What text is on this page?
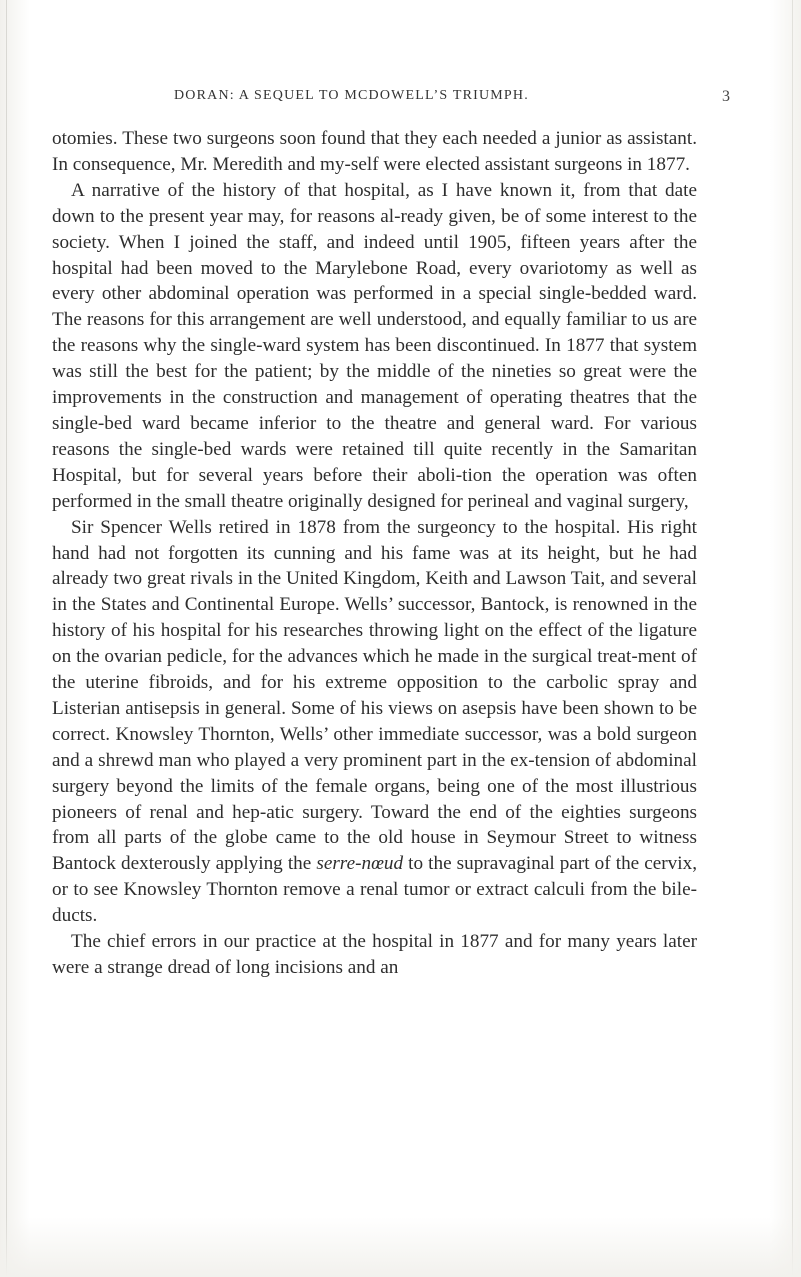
DORAN: A SEQUEL TO MCDOWELL’S TRIUMPH.	3

otomies. These two surgeons soon found that they each needed a junior as assistant. In consequence, Mr. Meredith and my-self were elected assistant surgeons in 1877.

A narrative of the history of that hospital, as I have known it, from that date down to the present year may, for reasons al-ready given, be of some interest to the society. When I joined the staff, and indeed until 1905, fifteen years after the hospital had been moved to the Marylebone Road, every ovariotomy as well as every other abdominal operation was performed in a special single-bedded ward. The reasons for this arrangement are well understood, and equally familiar to us are the reasons why the single-ward system has been discontinued. In 1877 that system was still the best for the patient; by the middle of the nineties so great were the improvements in the construction and management of operating theatres that the single-bed ward became inferior to the theatre and general ward. For various reasons the single-bed wards were retained till quite recently in the Samaritan Hospital, but for several years before their aboli-tion the operation was often performed in the small theatre originally designed for perineal and vaginal surgery,

Sir Spencer Wells retired in 1878 from the surgeoncy to the hospital. His right hand had not forgotten its cunning and his fame was at its height, but he had already two great rivals in the United Kingdom, Keith and Lawson Tait, and several in the States and Continental Europe. Wells’ successor, Bantock, is renowned in the history of his hospital for his researches throwing light on the effect of the ligature on the ovarian pedicle, for the advances which he made in the surgical treat-ment of the uterine fibroids, and for his extreme opposition to the carbolic spray and Listerian antisepsis in general. Some of his views on asepsis have been shown to be correct. Knowsley Thornton, Wells’ other immediate successor, was a bold surgeon and a shrewd man who played a very prominent part in the ex-tension of abdominal surgery beyond the limits of the female organs, being one of the most illustrious pioneers of renal and hep-atic surgery. Toward the end of the eighties surgeons from all parts of the globe came to the old house in Seymour Street to witness Bantock dexterously applying the serre-nœud to the supravaginal part of the cervix, or to see Knowsley Thornton remove a renal tumor or extract calculi from the bile-ducts.

The chief errors in our practice at the hospital in 1877 and for many years later were a strange dread of long incisions and an
